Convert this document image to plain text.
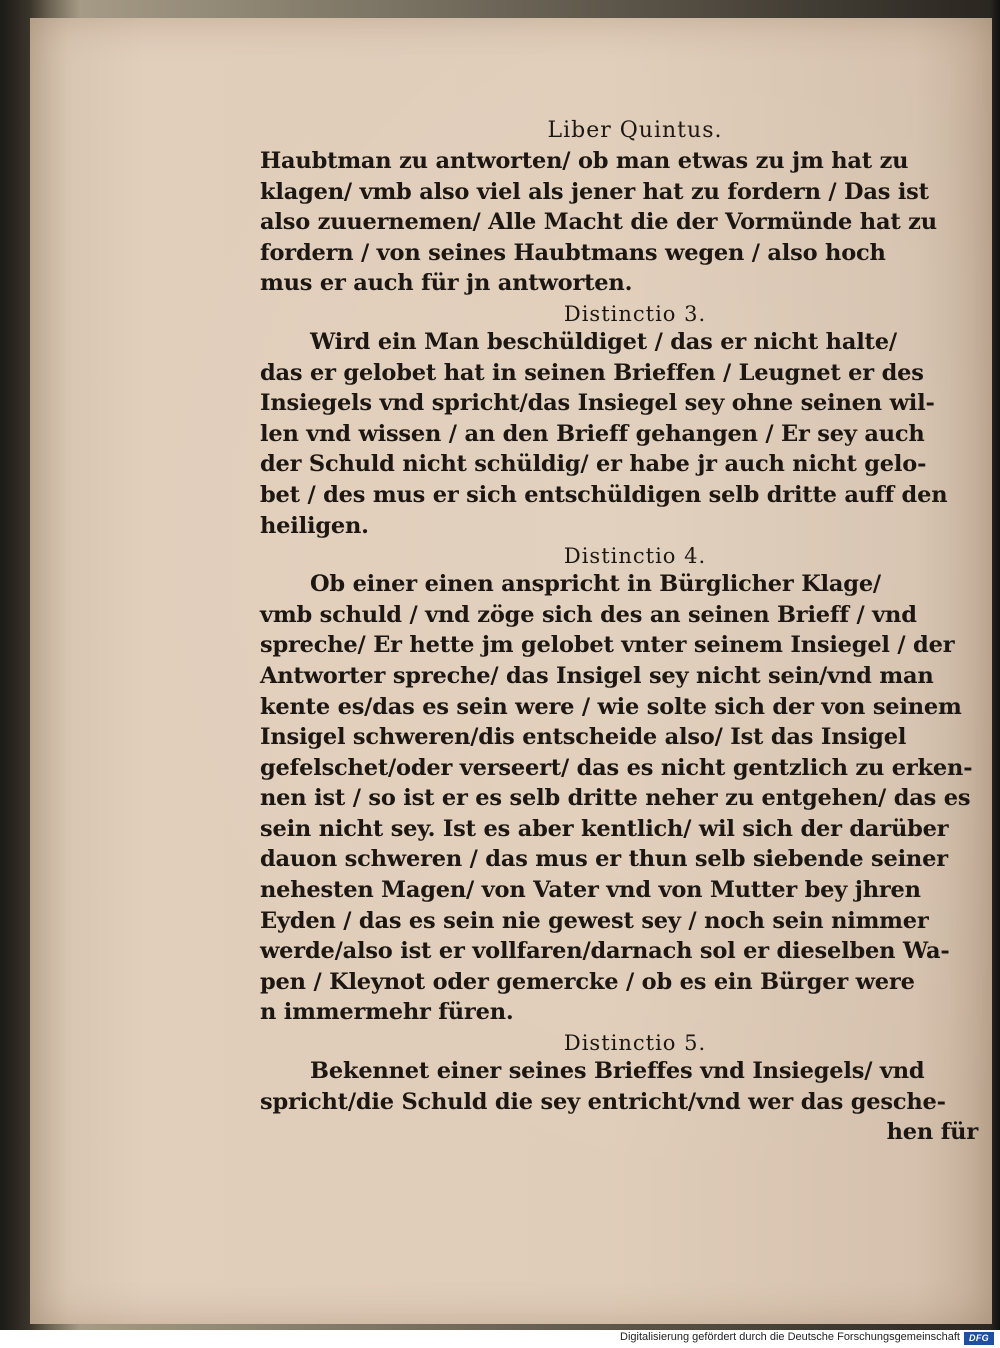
Liber Quintus.
Haubtman zu antworten/ ob man etwas zu jm hat zu
klagen/ vmb also viel als jener hat zu fordern / Das ist
also zuuernemen/ Alle Macht die der Vormünde hat zu
fordern / von seines Haubtmans wegen / also hoch
mus er auch für jn antworten.
Distinctio 3.
Wird ein Man beschüldiget / das er nicht halte/
das er gelobet hat in seinen Brieffen / Leugnet er des
Insiegels vnd spricht/das Insiegel sey ohne seinen wil-
len vnd wissen / an den Brieff gehangen / Er sey auch
der Schuld nicht schüldig/ er habe jr auch nicht gelo-
bet / des mus er sich entschüldigen selb dritte auff den
heiligen.
Distinctio 4.
Ob einer einen anspricht in Bürglicher Klage/
vmb schuld / vnd zöge sich des an seinen Brieff / vnd
spreche/ Er hette jm gelobet vnter seinem Insiegel / der
Antworter spreche/ das Insigel sey nicht sein/vnd man
kente es/das es sein were / wie solte sich der von seinem
Insigel schweren/dis entscheide also/ Ist das Insigel
gefelschet/oder verseert/ das es nicht gentzlich zu erken-
nen ist / so ist er es selb dritte neher zu entgehen/ das es
sein nicht sey. Ist es aber kentlich/ wil sich der darüber
dauon schweren / das mus er thun selb siebende seiner
nehesten Magen/ von Vater vnd von Mutter bey jhren
Eyden / das es sein nie gewest sey / noch sein nimmer
werde/also ist er vollfaren/darnach sol er dieselben Wa-
pen / Kleynot oder gemercke / ob es ein Bürger were
n immermehr füren.
Distinctio 5.
Bekennet einer seines Brieffes vnd Insiegels/ vnd
spricht/die Schuld die sey entricht/vnd wer das gesche-
hen für
Digitalisierung gefördert durch die Deutsche Forschungsgemeinschaft	DFG
